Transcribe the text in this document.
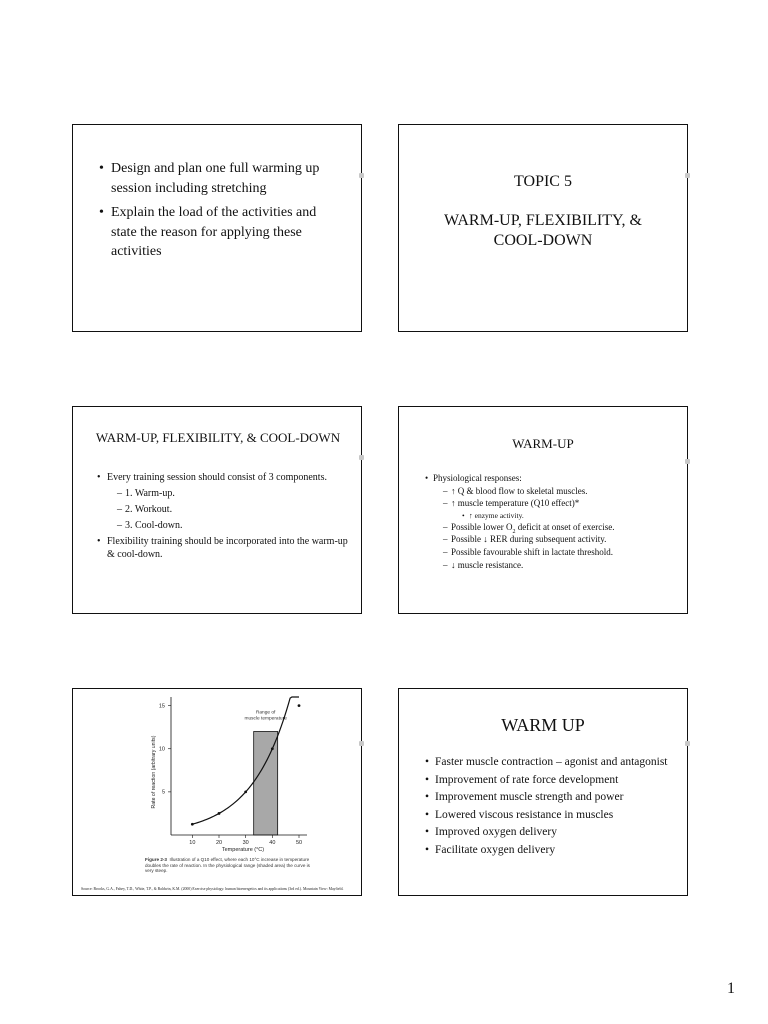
• Design and plan one full warming up session including stretching
• Explain the load of the activities and state the reason for applying these activities
TOPIC 5
WARM-UP, FLEXIBILITY, &
COOL-DOWN
WARM-UP, FLEXIBILITY, & COOL-DOWN
• Every training session should consist of 3 components.
– 1. Warm-up.
– 2. Workout.
– 3. Cool-down.
• Flexibility training should be incorporated into the warm-up & cool-down.
WARM-UP
• Physiological responses:
– ↑ Q & blood flow to skeletal muscles.
– ↑ muscle temperature (Q10 effect)*
• ↑ enzyme activity.
– Possible lower $O_2$ deficit at onset of exercise.
– Possible ↓ RER during subsequent activity.
– Possible favourable shift in lactate threshold.
– ↓ muscle resistance.
Range of
muscle temperature
5
10
15
10	20	30	40	50
Temperature (°C)
Rate of reaction (arbitrary units)
Figure 2-3 Illustration of a Q10 effect, where each 10°C increase in temperature doubles the rate of reaction. In the physiological range (shaded area) the curve is very steep.
Source: Brooks, G.A., Fahey, T.D., White, T.P., & Baldwin, K.M. (2000) Exercise physiology: human bioenergetics and its applications (3rd ed.). Mountain View: Mayfield.
WARM UP
• Faster muscle contraction – agonist and antagonist
• Improvement of rate force development
• Improvement muscle strength and power
• Lowered viscous resistance in muscles
• Improved oxygen delivery
• Facilitate oxygen delivery
1
